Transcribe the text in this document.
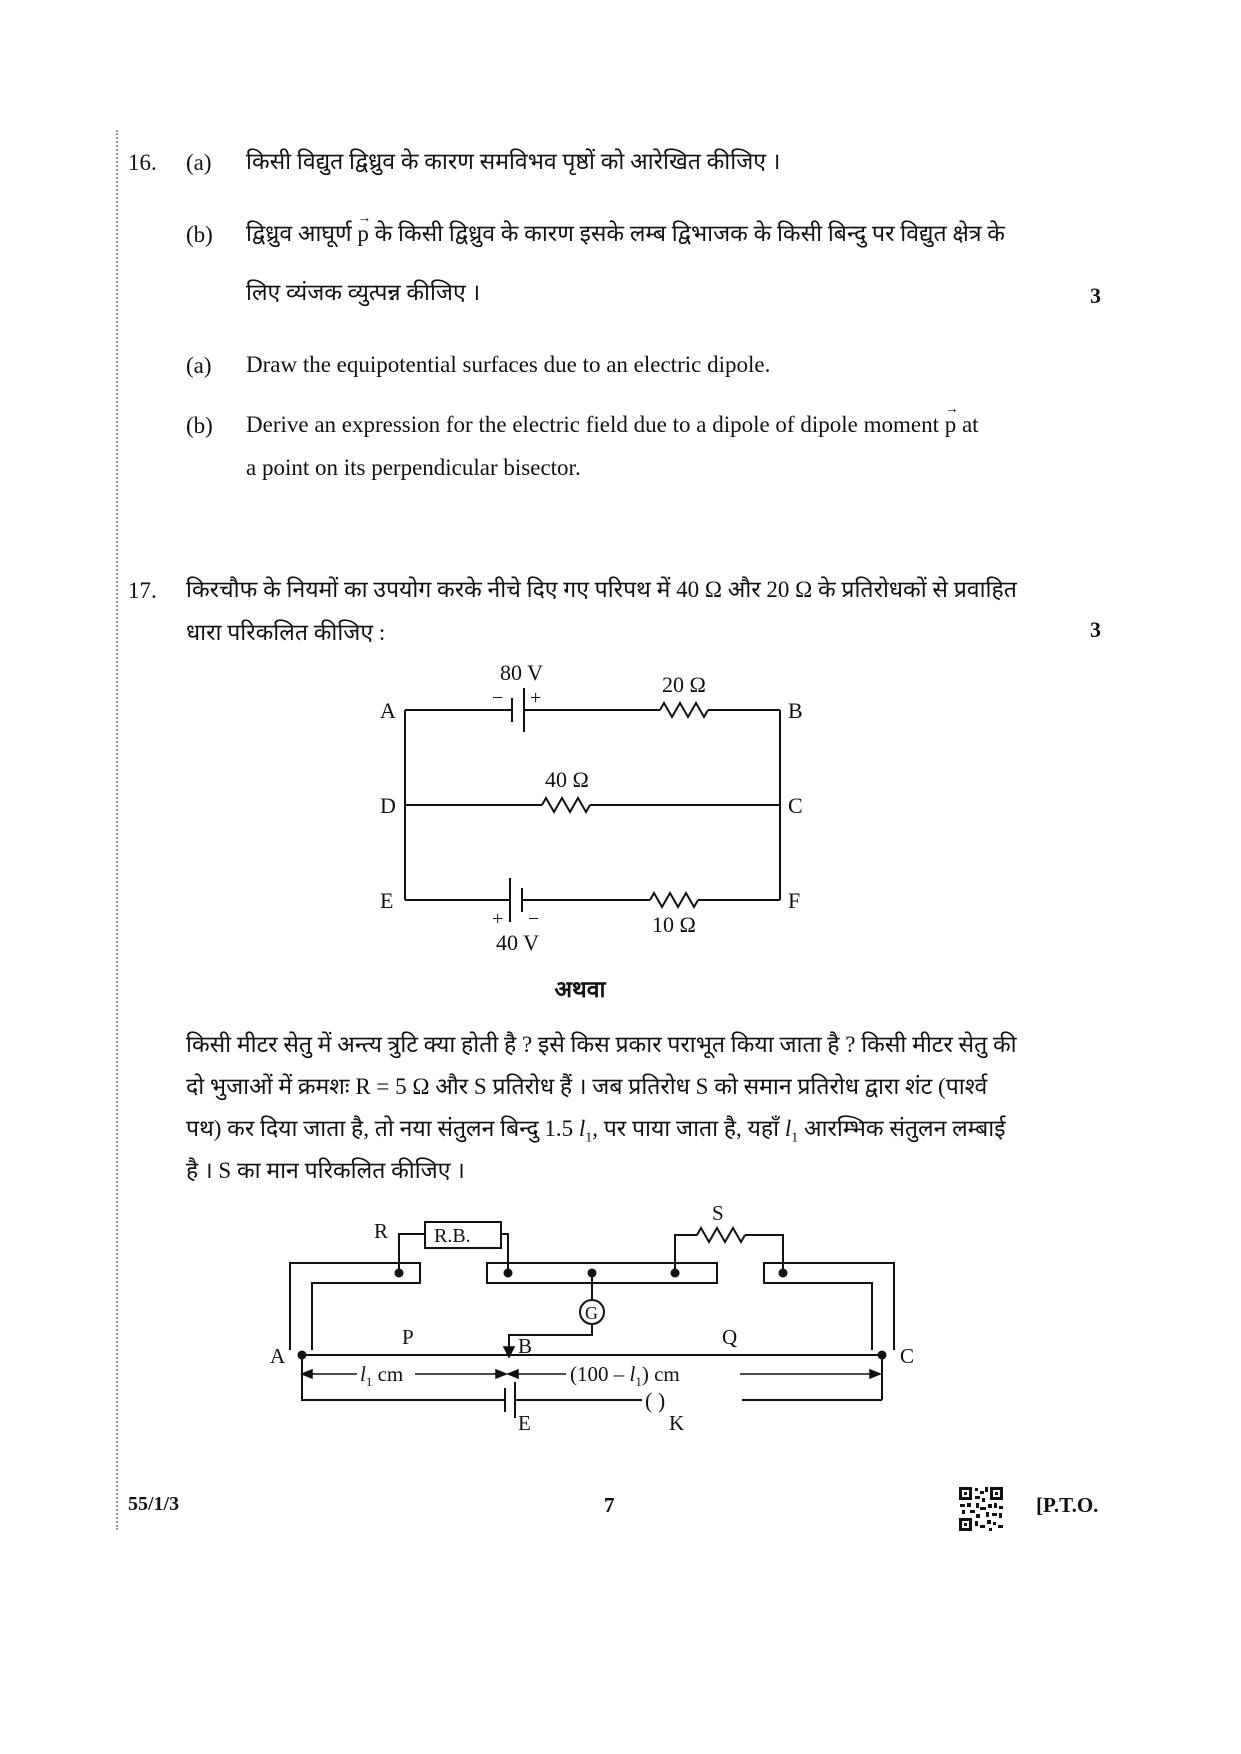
16. (a) किसी विद्युत द्विध्रुव के कारण समविभव पृष्ठों को आरेखित कीजिए ।
(b) द्विध्रुव आघूर्ण → p के किसी द्विध्रुव के कारण इसके लम्ब द्विभाजक के किसी बिन्दु पर विद्युत क्षेत्र के
लिए व्यंजक व्युत्पन्न कीजिए ।	3
(a) Draw the equipotential surfaces due to an electric dipole.
(b) Derive an expression for the electric field due to a dipole of dipole moment → p at
a point on its perpendicular bisector.
17. किरचौफ के नियमों का उपयोग करके नीचे दिए गए परिपथ में 40 Ω और 20 Ω के प्रतिरोधकों से प्रवाहित
धारा परिकलित कीजिए :	3
A	B
D	C
E	F
80 V
− +
20 Ω
40 Ω
+ −
40 V
10 Ω
अथवा
किसी मीटर सेतु में अन्त्य त्रुटि क्या होती है ? इसे किस प्रकार पराभूत किया जाता है ? किसी मीटर सेतु की
दो भुजाओं में क्रमशः R = 5 Ω और S प्रतिरोध हैं । जब प्रतिरोध S को समान प्रतिरोध द्वारा शंट (पार्श्व
पथ) कर दिया जाता है, तो नया संतुलन बिन्दु 1.5 $l_1$, पर पाया जाता है, यहाँ $l_1$ आरम्भिक संतुलन लम्बाई
है । S का मान परिकलित कीजिए ।
R R.B.
S
G
A	C
P	Q
B
$l_1$ cm	$(100 - l_1)$ cm
E
( )
K
55/1/3	7	[P.T.O.
